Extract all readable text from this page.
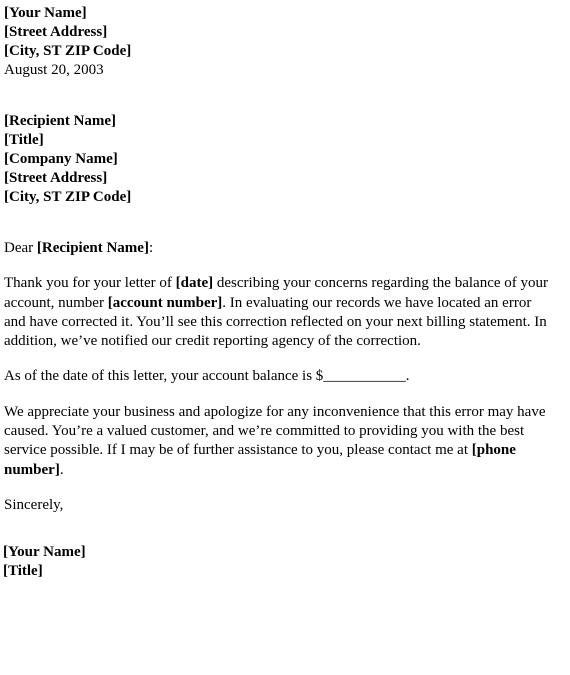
[Your Name]
[Street Address]
[City, ST ZIP Code]
August 20, 2003
[Recipient Name]
[Title]
[Company Name]
[Street Address]
[City, ST ZIP Code]

Dear [Recipient Name]:

Thank you for your letter of [date] describing your concerns regarding the balance of your account, number [account number]. In evaluating our records we have located an error and have corrected it. You’ll see this correction reflected on your next billing statement. In addition, we’ve notified our credit reporting agency of the correction.

As of the date of this letter, your account balance is $___________.

We appreciate your business and apologize for any inconvenience that this error may have caused. You’re a valued customer, and we’re committed to providing you with the best service possible. If I may be of further assistance to you, please contact me at [phone number].

Sincerely,

[Your Name]
[Title]
